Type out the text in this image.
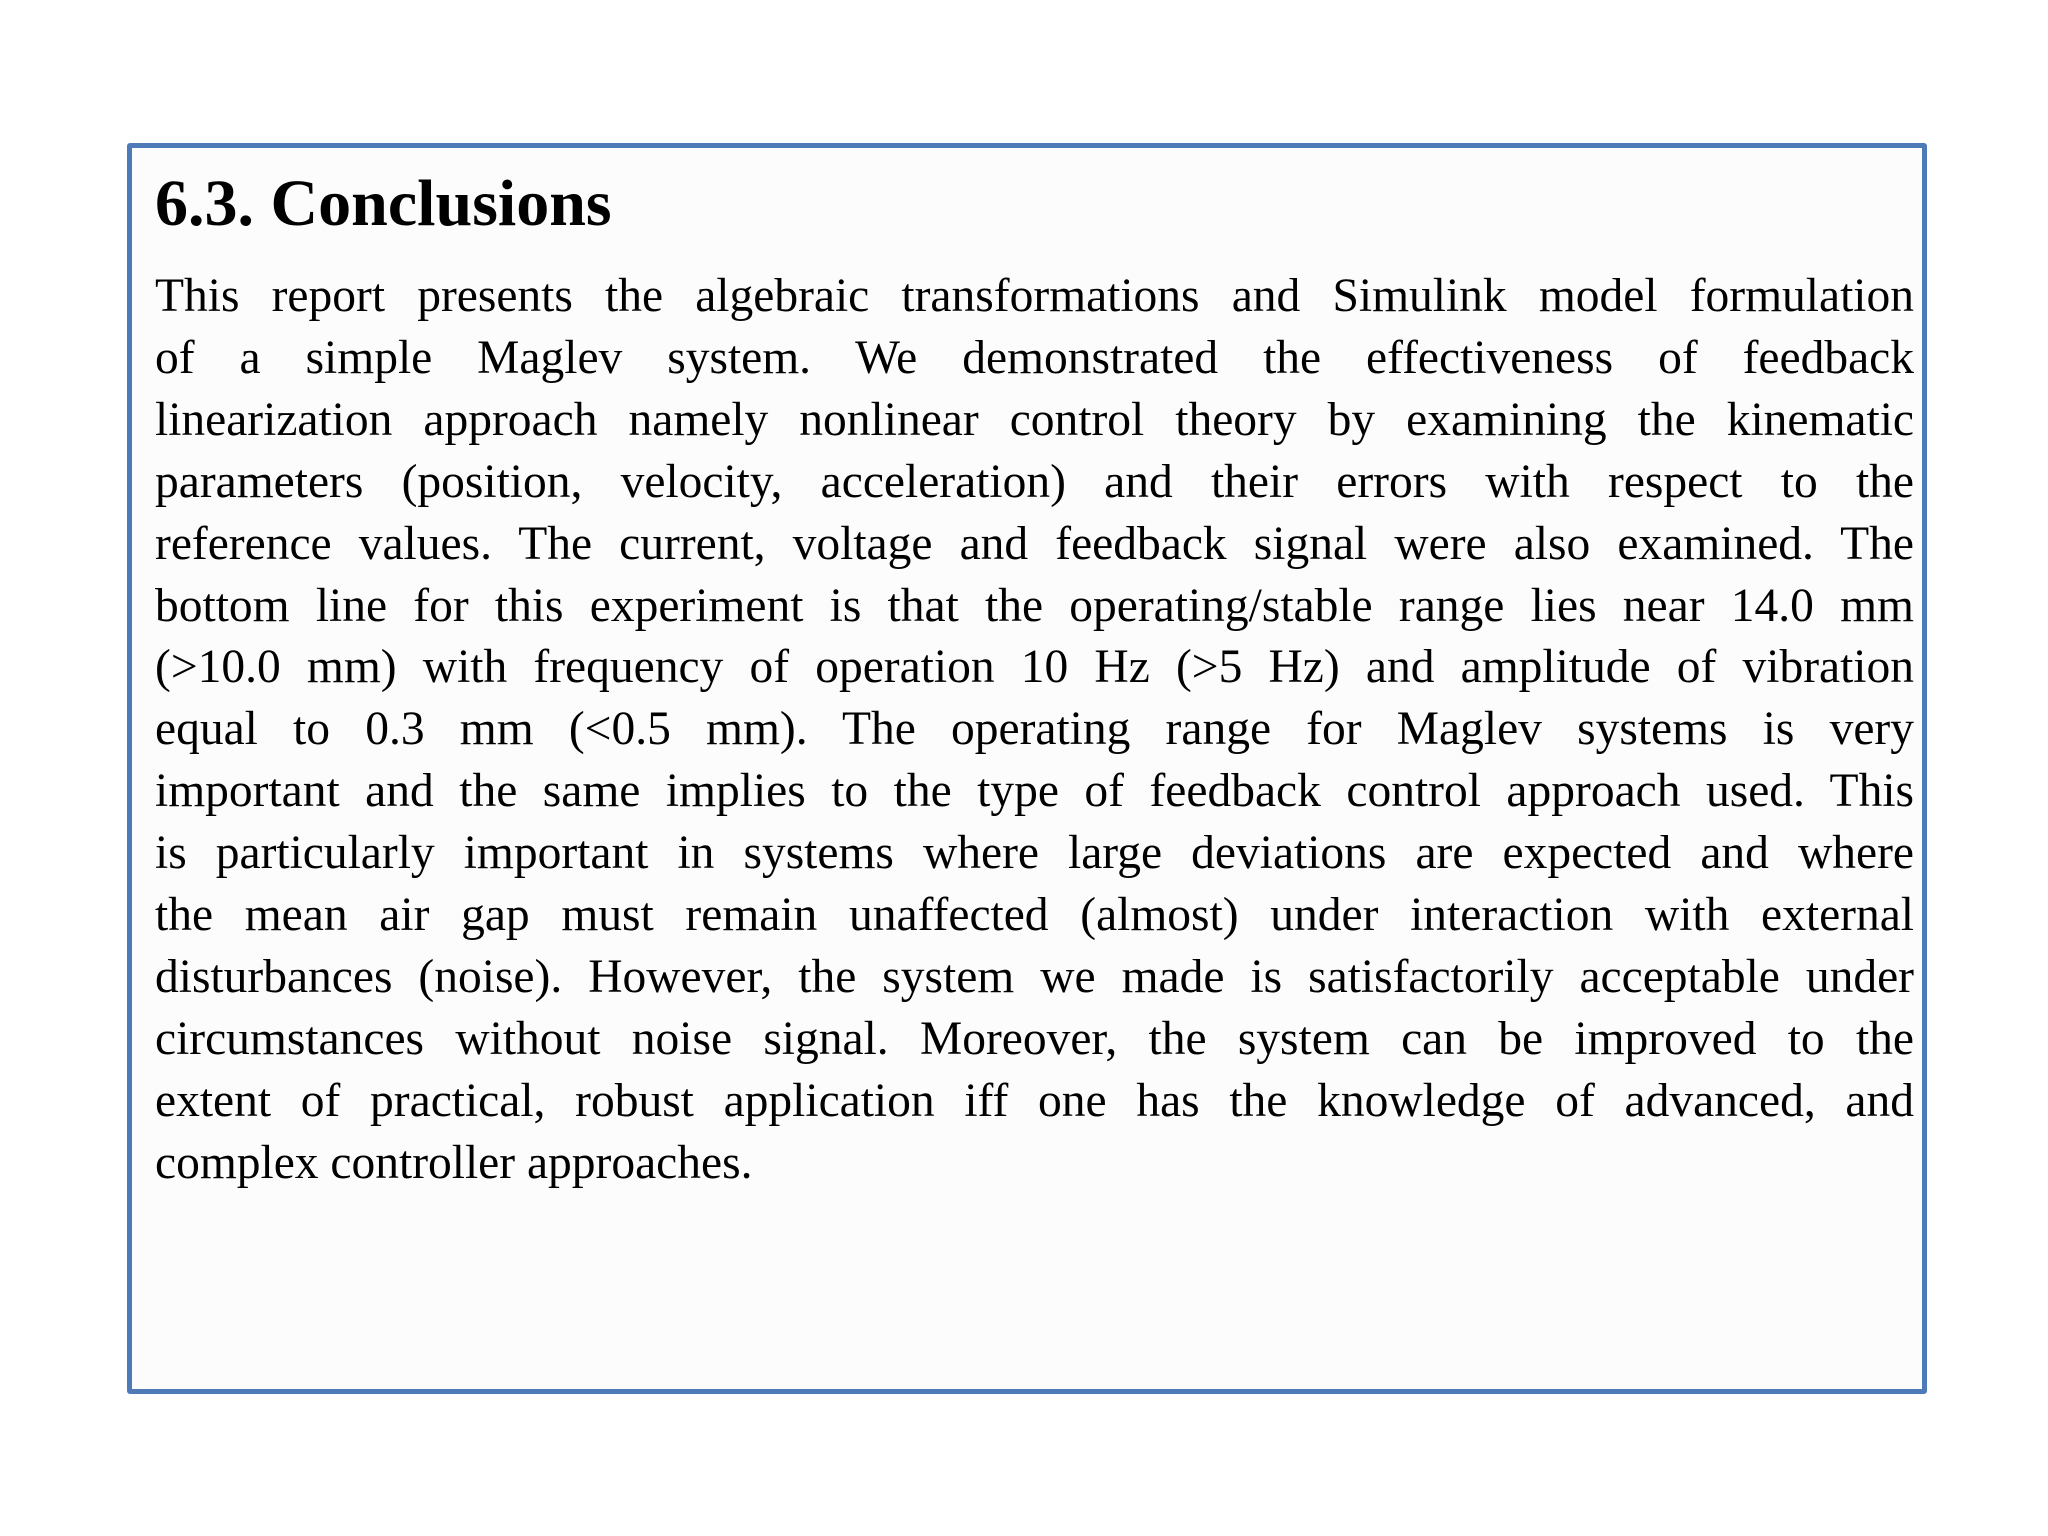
6.3. Conclusions
This report presents the algebraic transformations and Simulink model formulation
of a simple Maglev system. We demonstrated the effectiveness of feedback
linearization approach namely nonlinear control theory by examining the kinematic
parameters (position, velocity, acceleration) and their errors with respect to the
reference values. The current, voltage and feedback signal were also examined. The
bottom line for this experiment is that the operating/stable range lies near 14.0 mm
(>10.0 mm) with frequency of operation 10 Hz (>5 Hz) and amplitude of vibration
equal to 0.3 mm (<0.5 mm). The operating range for Maglev systems is very
important and the same implies to the type of feedback control approach used. This
is particularly important in systems where large deviations are expected and where
the mean air gap must remain unaffected (almost) under interaction with external
disturbances (noise). However, the system we made is satisfactorily acceptable under
circumstances without noise signal. Moreover, the system can be improved to the
extent of practical, robust application iff one has the knowledge of advanced, and
complex controller approaches.
